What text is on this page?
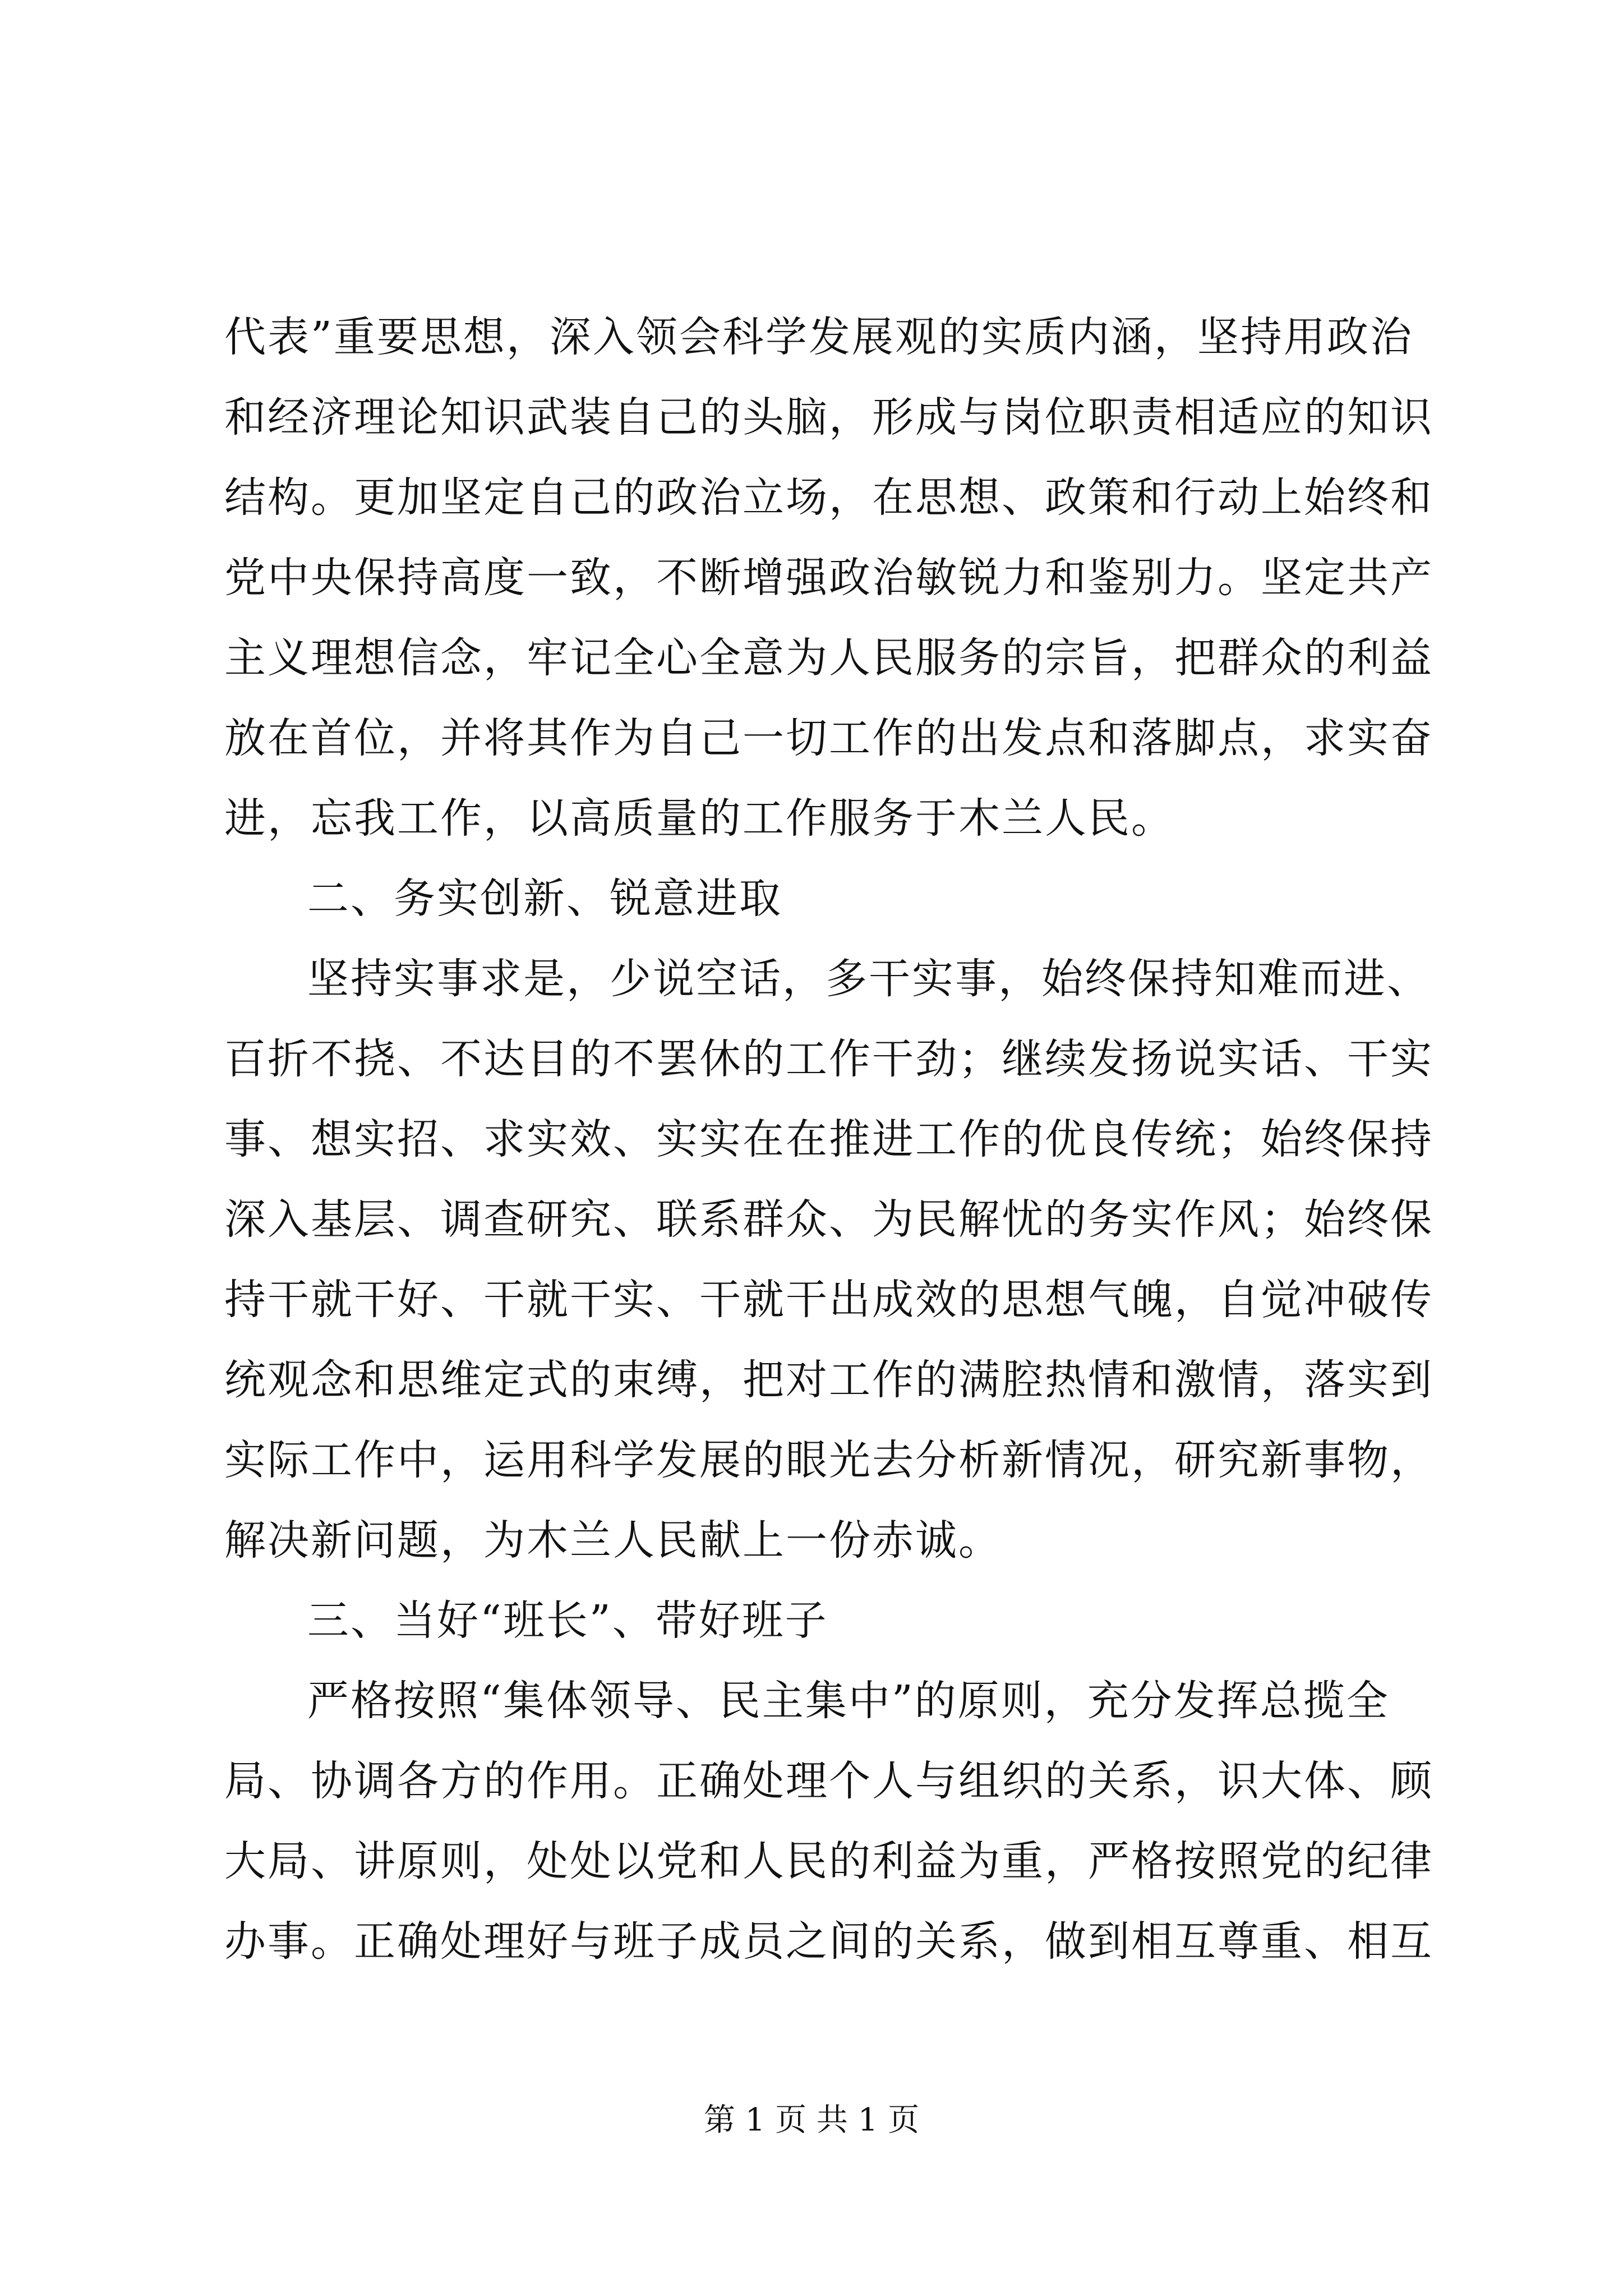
代表”重要思想，深入领会科学发展观的实质内涵，坚持用政治
和经济理论知识武装自己的头脑，形成与岗位职责相适应的知识
结构。更加坚定自己的政治立场，在思想、政策和行动上始终和
党中央保持高度一致，不断增强政治敏锐力和鉴别力。坚定共产
主义理想信念，牢记全心全意为人民服务的宗旨，把群众的利益
放在首位，并将其作为自己一切工作的出发点和落脚点，求实奋
进，忘我工作，以高质量的工作服务于木兰人民。
二、务实创新、锐意进取
坚持实事求是，少说空话，多干实事，始终保持知难而进、
百折不挠、不达目的不罢休的工作干劲；继续发扬说实话、干实
事、想实招、求实效、实实在在推进工作的优良传统；始终保持
深入基层、调查研究、联系群众、为民解忧的务实作风；始终保
持干就干好、干就干实、干就干出成效的思想气魄，自觉冲破传
统观念和思维定式的束缚，把对工作的满腔热情和激情，落实到
实际工作中，运用科学发展的眼光去分析新情况，研究新事物，
解决新问题，为木兰人民献上一份赤诚。
三、当好“班长”、带好班子
严格按照“集体领导、民主集中”的原则，充分发挥总揽全
局、协调各方的作用。正确处理个人与组织的关系，识大体、顾
大局、讲原则，处处以党和人民的利益为重，严格按照党的纪律
办事。正确处理好与班子成员之间的关系，做到相互尊重、相互
第 1 页 共 1 页
